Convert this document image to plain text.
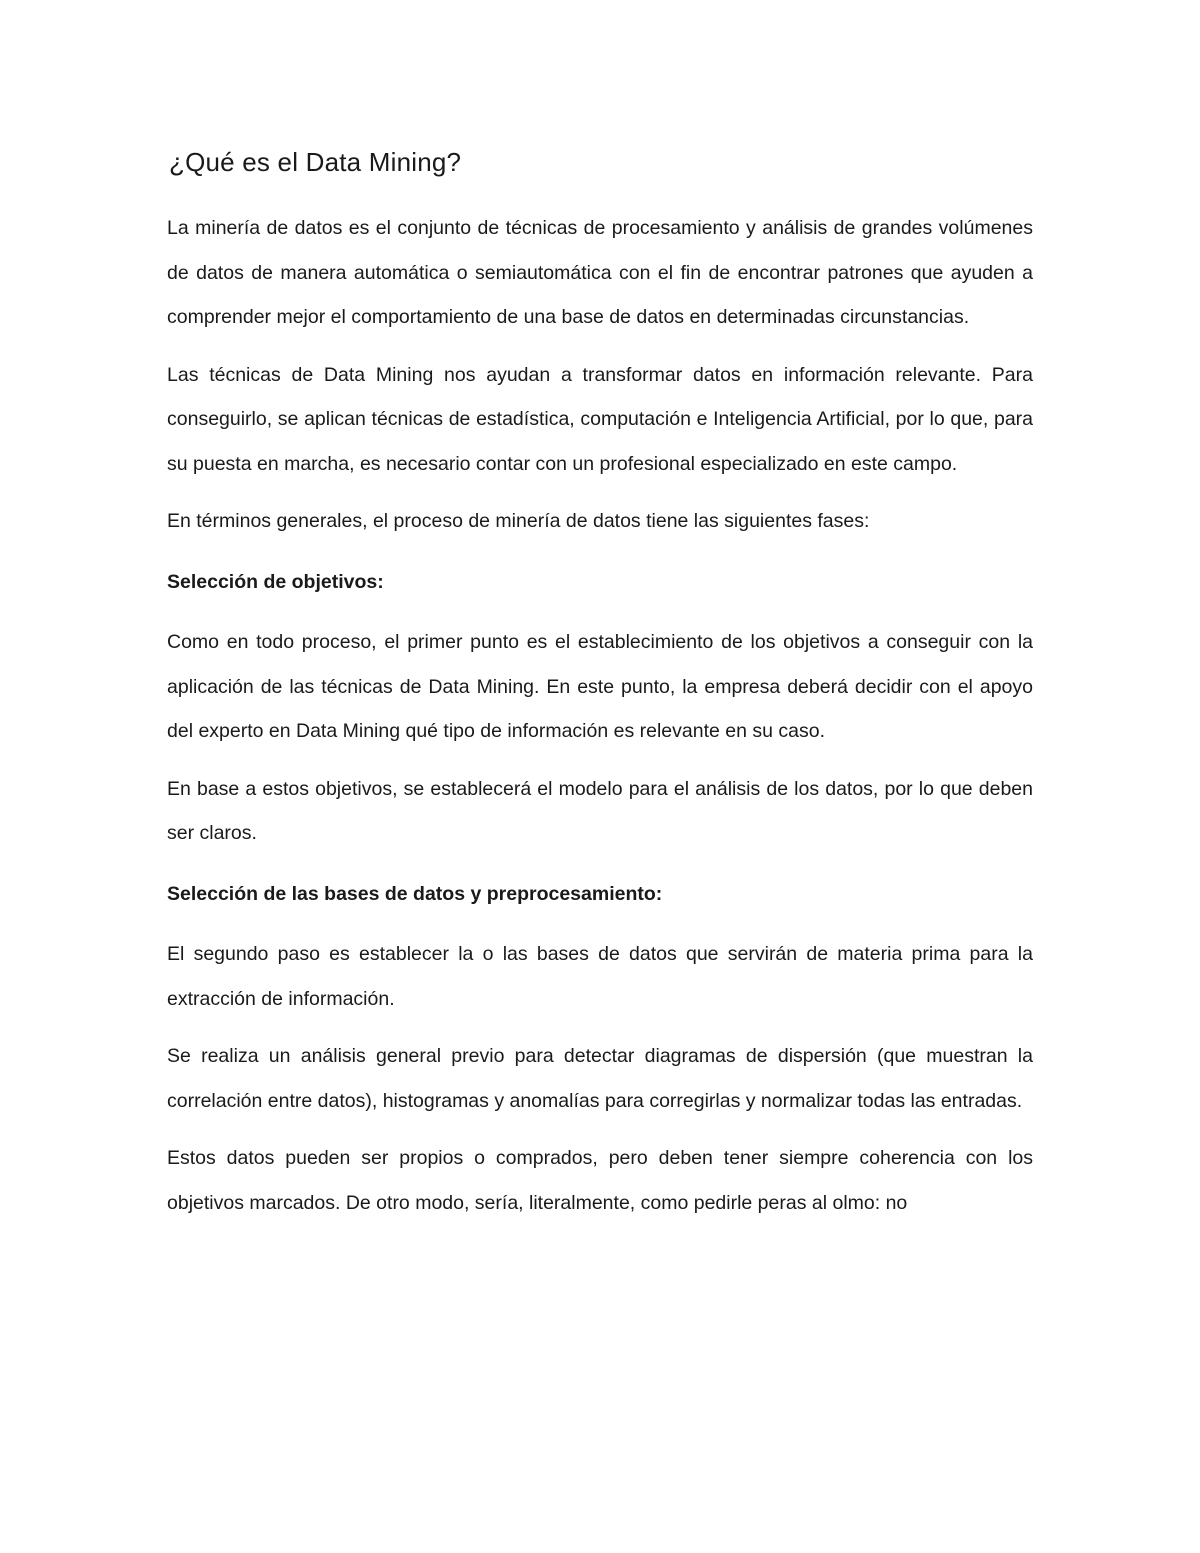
¿Qué es el Data Mining?

La minería de datos es el conjunto de técnicas de procesamiento y análisis de grandes volúmenes de datos de manera automática o semiautomática con el fin de encontrar patrones que ayuden a comprender mejor el comportamiento de una base de datos en determinadas circunstancias.

Las técnicas de Data Mining nos ayudan a transformar datos en información relevante. Para conseguirlo, se aplican técnicas de estadística, computación e Inteligencia Artificial, por lo que, para su puesta en marcha, es necesario contar con un profesional especializado en este campo.

En términos generales, el proceso de minería de datos tiene las siguientes fases:

Selección de objetivos:

Como en todo proceso, el primer punto es el establecimiento de los objetivos a conseguir con la aplicación de las técnicas de Data Mining. En este punto, la empresa deberá decidir con el apoyo del experto en Data Mining qué tipo de información es relevante en su caso.

En base a estos objetivos, se establecerá el modelo para el análisis de los datos, por lo que deben ser claros.

Selección de las bases de datos y preprocesamiento:

El segundo paso es establecer la o las bases de datos que servirán de materia prima para la extracción de información.

Se realiza un análisis general previo para detectar diagramas de dispersión (que muestran la correlación entre datos), histogramas y anomalías para corregirlas y normalizar todas las entradas.

Estos datos pueden ser propios o comprados, pero deben tener siempre coherencia con los objetivos marcados. De otro modo, sería, literalmente, como pedirle peras al olmo: no
